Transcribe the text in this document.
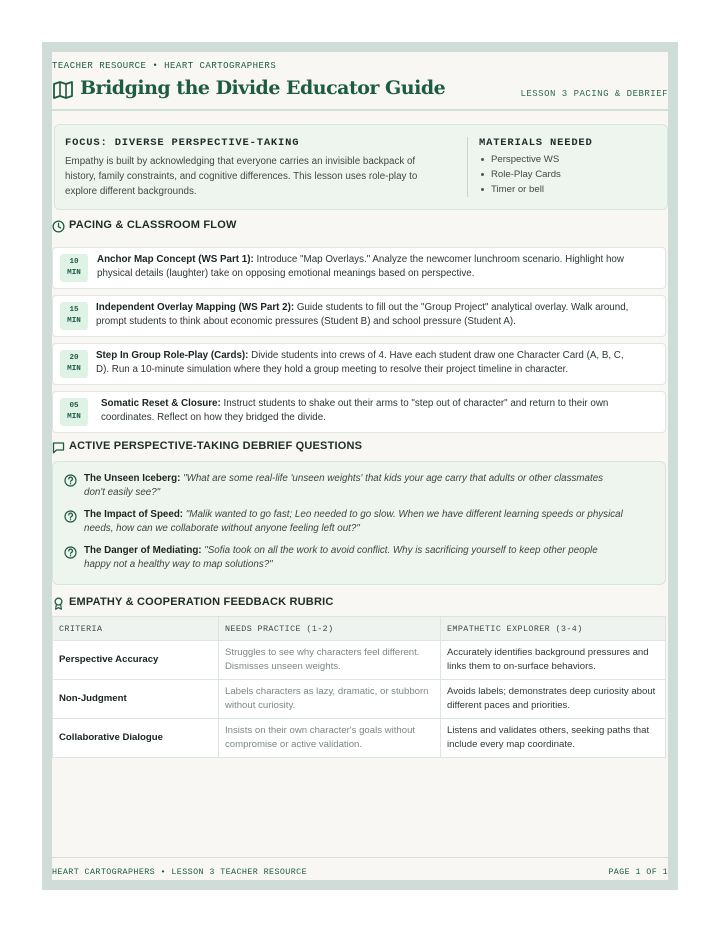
TEACHER RESOURCE • HEART CARTOGRAPHERS
Bridging the Divide Educator Guide	LESSON 3 PACING & DEBRIEF
FOCUS: DIVERSE PERSPECTIVE-TAKING
Empathy is built by acknowledging that everyone carries an invisible backpack of history, family constraints, and cognitive differences. This lesson uses role-play to explore different backgrounds.
MATERIALS NEEDED
Perspective WS
Role-Play Cards
Timer or bell
PACING & CLASSROOM FLOW
10
MIN
Anchor Map Concept (WS Part 1): Introduce "Map Overlays." Analyze the newcomer lunchroom scenario. Highlight how
physical details (laughter) take on opposing emotional meanings based on perspective.
15
MIN
Independent Overlay Mapping (WS Part 2): Guide students to fill out the "Group Project" analytical overlay. Walk around,
prompt students to think about economic pressures (Student B) and school pressure (Student A).
20
MIN
Step In Group Role-Play (Cards): Divide students into crews of 4. Have each student draw one Character Card (A, B, C,
D). Run a 10-minute simulation where they hold a group meeting to resolve their project timeline in character.
05
MIN
Somatic Reset & Closure: Instruct students to shake out their arms to "step out of character" and return to their own
coordinates. Reflect on how they bridged the divide.
ACTIVE PERSPECTIVE-TAKING DEBRIEF QUESTIONS
The Unseen Iceberg: "What are some real-life 'unseen weights' that kids your age carry that adults or other classmates
don't easily see?"
The Impact of Speed: "Malik wanted to go fast; Leo needed to go slow. When we have different learning speeds or physical
needs, how can we collaborate without anyone feeling left out?"
The Danger of Mediating: "Sofia took on all the work to avoid conflict. Why is sacrificing yourself to keep other people
happy not a healthy way to map solutions?"
EMPATHY & COOPERATION FEEDBACK RUBRIC
CRITERIA	NEEDS PRACTICE (1-2)	EMPATHETIC EXPLORER (3-4)
Perspective Accuracy	Struggles to see why characters feel different. Dismisses unseen weights.	Accurately identifies background pressures and links them to on-surface behaviors.
Non-Judgment	Labels characters as lazy, dramatic, or stubborn without curiosity.	Avoids labels; demonstrates deep curiosity about different paces and priorities.
Collaborative Dialogue	Insists on their own character's goals without compromise or active validation.	Listens and validates others, seeking paths that include every map coordinate.
HEART CARTOGRAPHERS • LESSON 3 TEACHER RESOURCE	PAGE 1 OF 1
